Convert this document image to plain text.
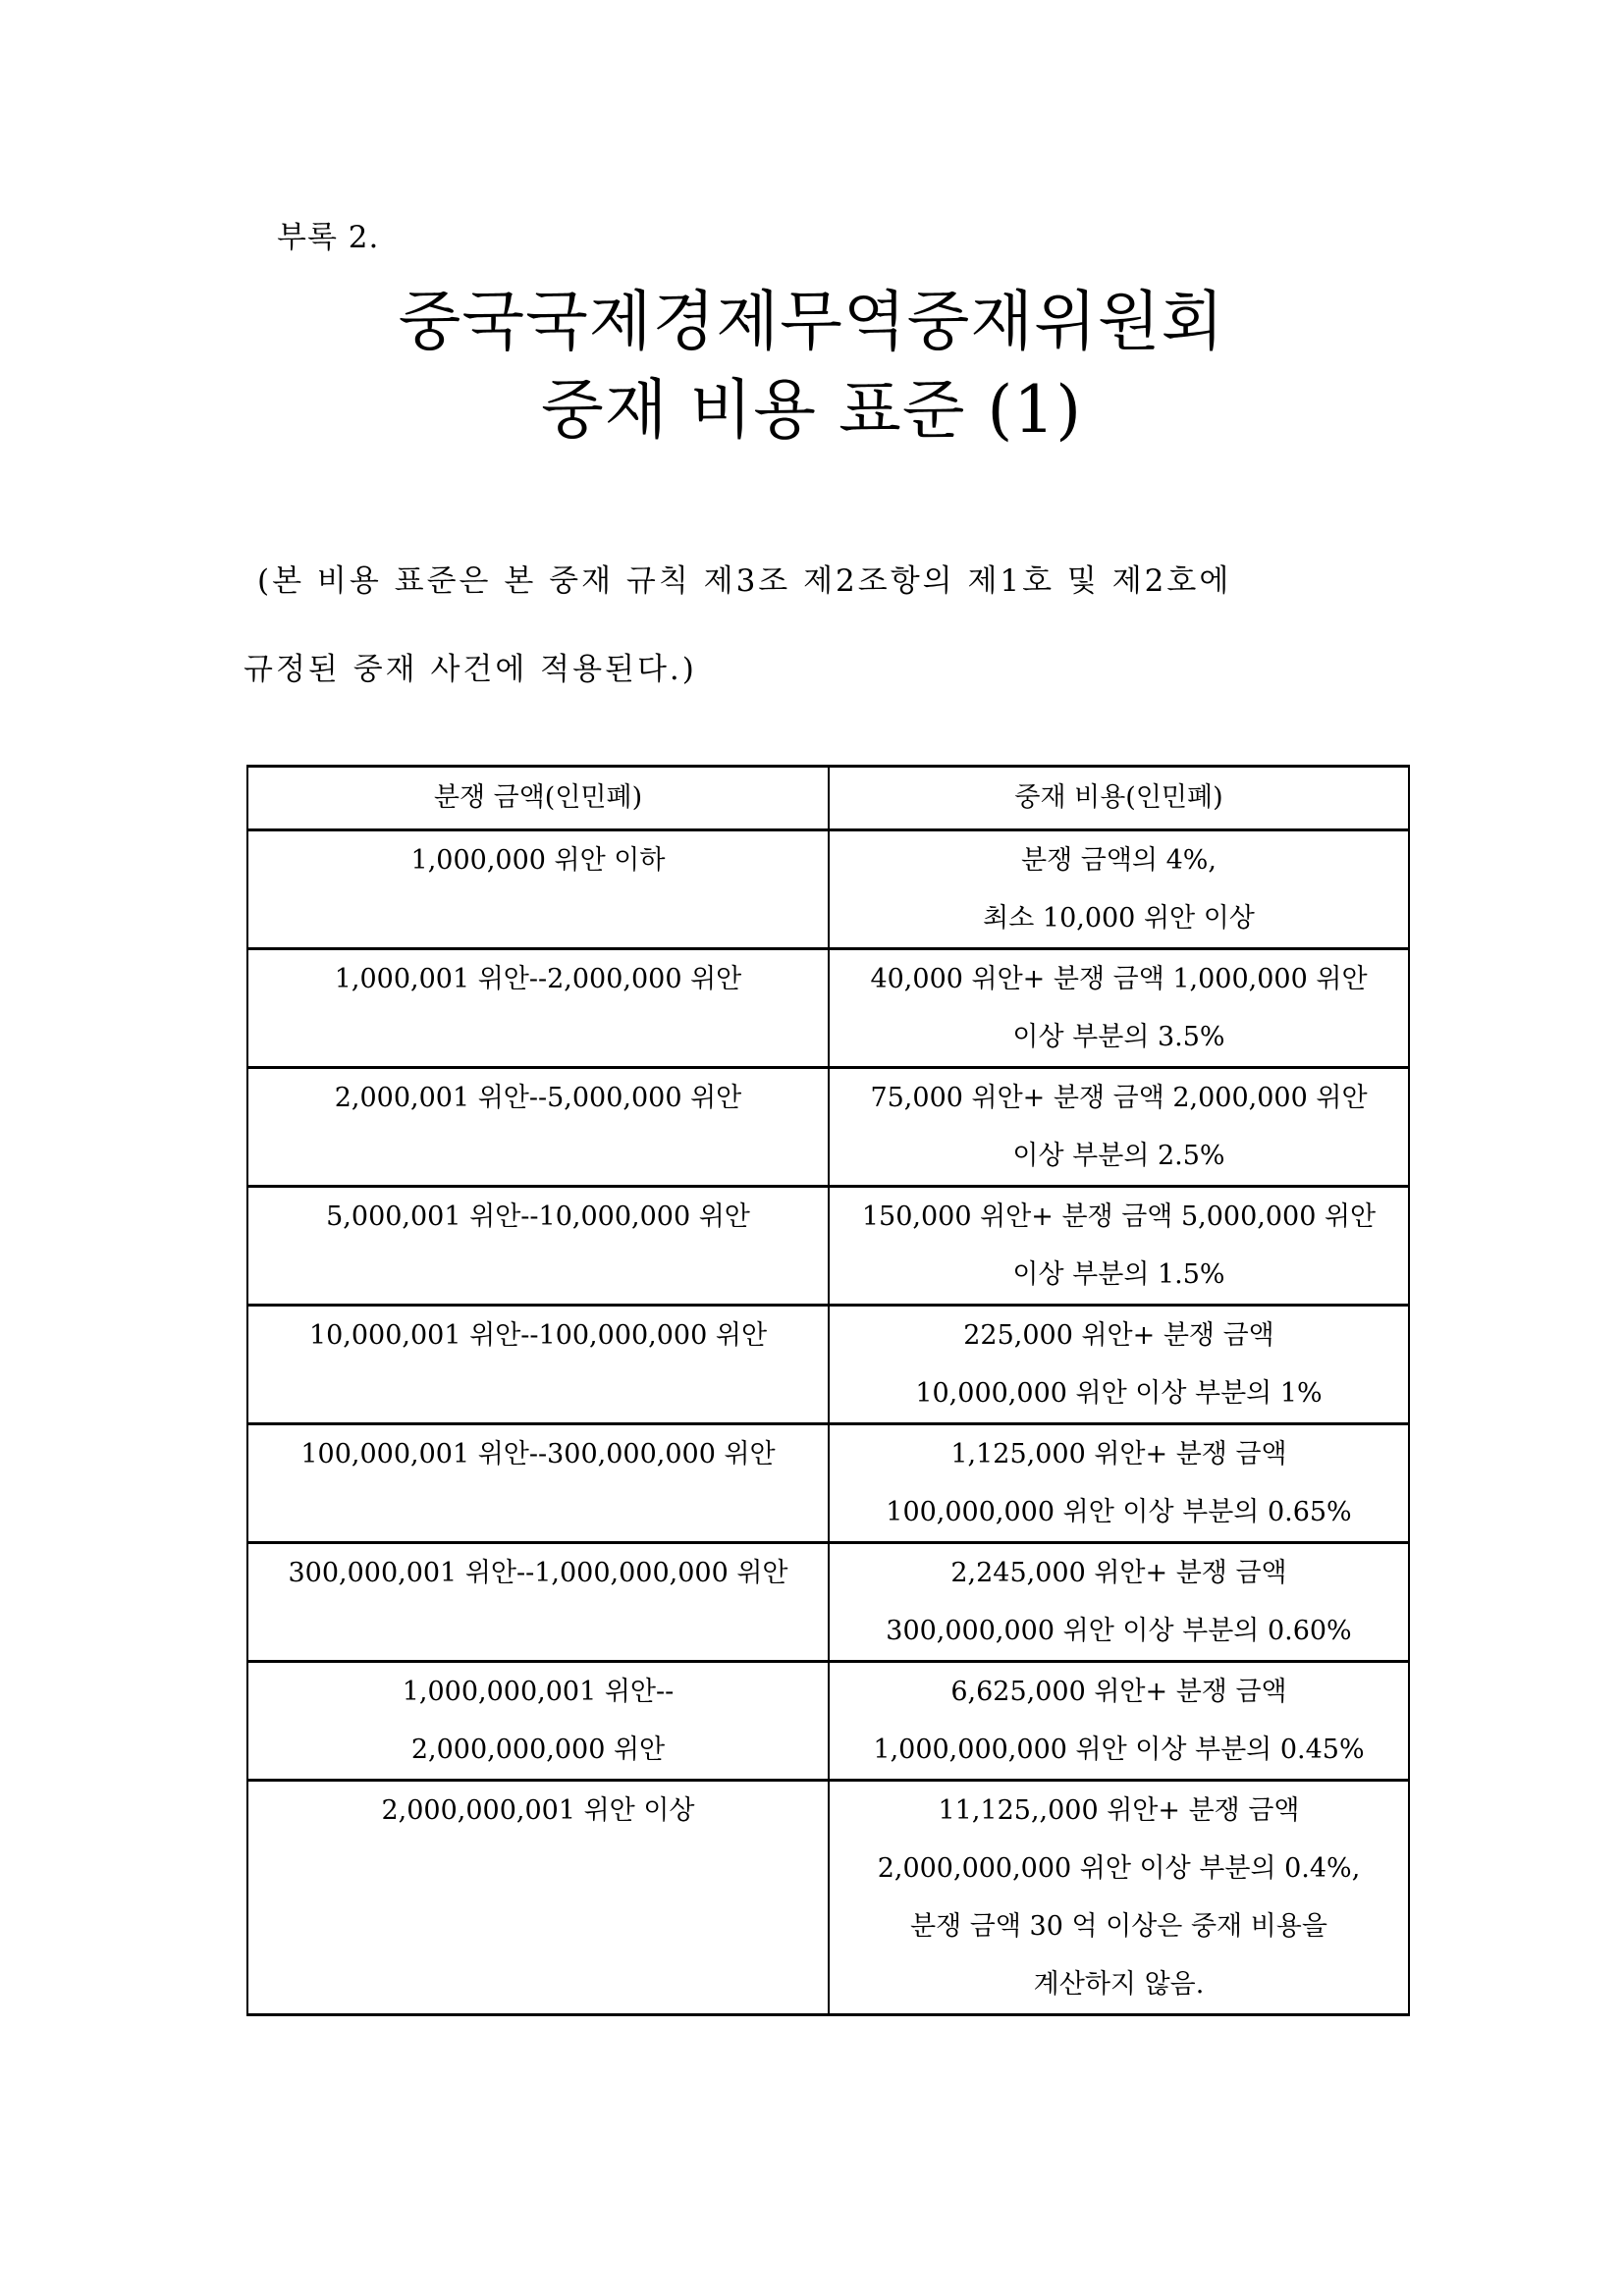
부록 2.
중국국제경제무역중재위원회
중재 비용 표준 (1)
(본 비용 표준은 본 중재 규칙 제3조 제2조항의 제1호 및 제2호에
규정된 중재 사건에 적용된다.)
분쟁 금액(인민폐)	중재 비용(인민폐)

1,000,000 위안 이하	분쟁 금액의 4%,
최소 10,000 위안 이상

1,000,001 위안--2,000,000 위안	40,000 위안+ 분쟁 금액 1,000,000 위안
이상 부분의 3.5%

2,000,001 위안--5,000,000 위안	75,000 위안+ 분쟁 금액 2,000,000 위안
이상 부분의 2.5%

5,000,001 위안--10,000,000 위안	150,000 위안+ 분쟁 금액 5,000,000 위안
이상 부분의 1.5%

10,000,001 위안--100,000,000 위안	225,000 위안+ 분쟁 금액
10,000,000 위안 이상 부분의 1%

100,000,001 위안--300,000,000 위안	1,125,000 위안+ 분쟁 금액
100,000,000 위안 이상 부분의 0.65%

300,000,001 위안--1,000,000,000 위안	2,245,000 위안+ 분쟁 금액
300,000,000 위안 이상 부분의 0.60%

1,000,000,001 위안--
2,000,000,000 위안	6,625,000 위안+ 분쟁 금액
1,000,000,000 위안 이상 부분의 0.45%

2,000,000,001 위안 이상	11,125,,000 위안+ 분쟁 금액
2,000,000,000 위안 이상 부분의 0.4%,
분쟁 금액 30 억 이상은 중재 비용을
계산하지 않음.
